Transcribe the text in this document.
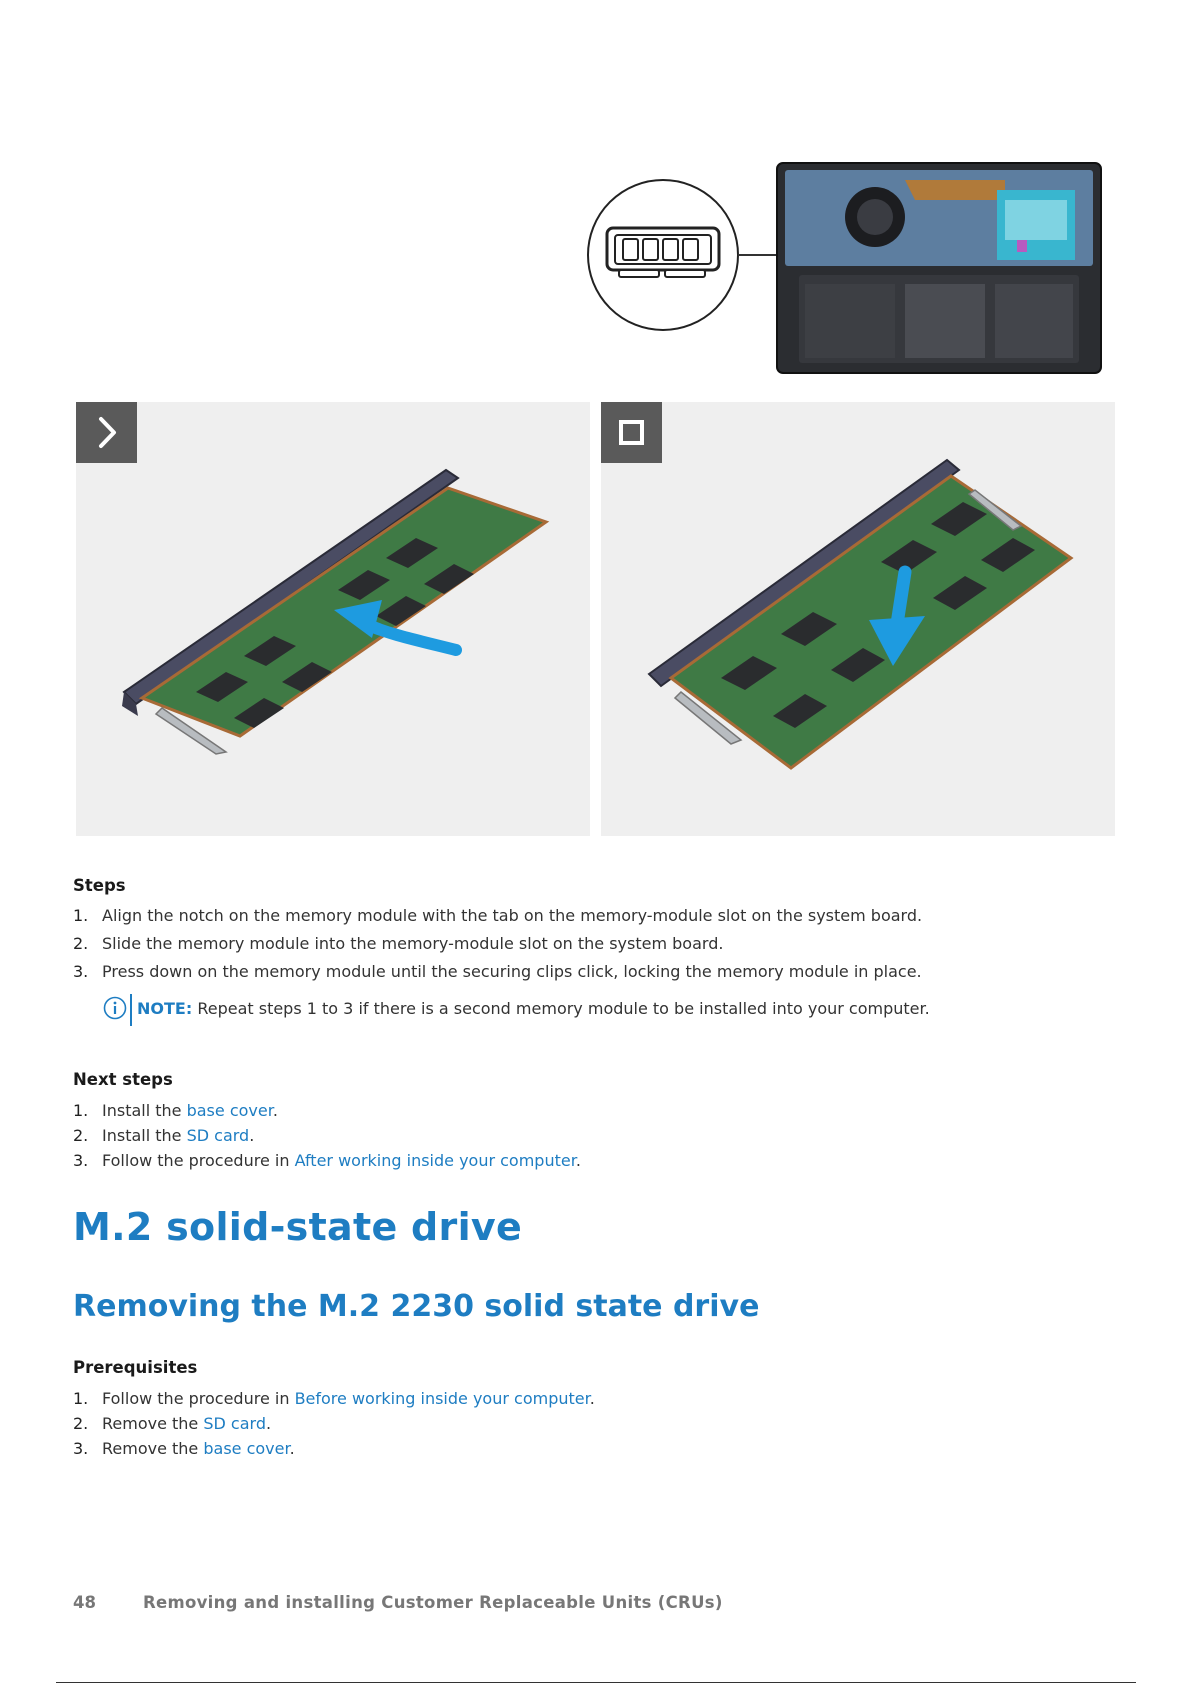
Steps
1. Align the notch on the memory module with the tab on the memory-module slot on the system board.
2. Slide the memory module into the memory-module slot on the system board.
3. Press down on the memory module until the securing clips click, locking the memory module in place.
NOTE: Repeat steps 1 to 3 if there is a second memory module to be installed into your computer.
Next steps
1. Install the base cover.
2. Install the SD card.
3. Follow the procedure in After working inside your computer.
M.2 solid-state drive
Removing the M.2 2230 solid state drive
Prerequisites
1. Follow the procedure in Before working inside your computer.
2. Remove the SD card.
3. Remove the base cover.
48	Removing and installing Customer Replaceable Units (CRUs)
